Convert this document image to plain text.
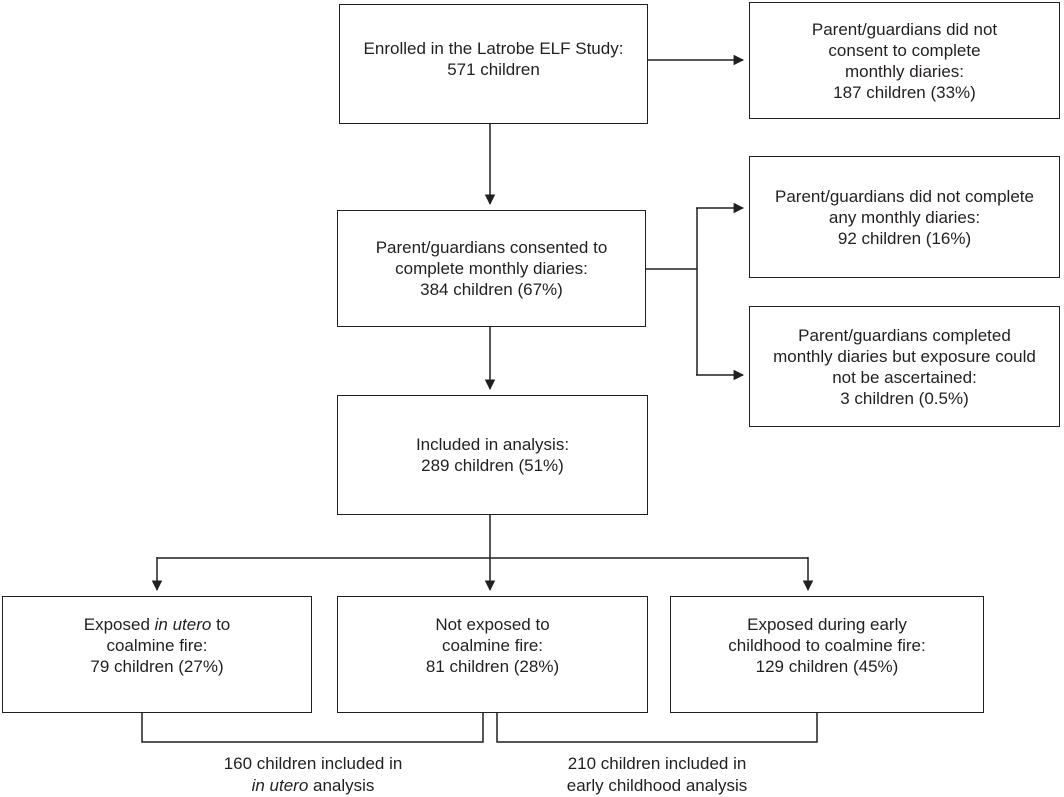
Enrolled in the Latrobe ELF Study:
571 children
Parent/guardians did not
consent to complete
monthly diaries:
187 children (33%)
Parent/guardians consented to
complete monthly diaries:
384 children (67%)
Parent/guardians did not complete
any monthly diaries:
92 children (16%)
Parent/guardians completed
monthly diaries but exposure could
not be ascertained:
3 children (0.5%)
Included in analysis:
289 children (51%)
Exposed in utero to
coalmine fire:
79 children (27%)
Not exposed to
coalmine fire:
81 children (28%)
Exposed during early
childhood to coalmine fire:
129 children (45%)
160 children included in
in utero analysis
210 children included in
early childhood analysis
